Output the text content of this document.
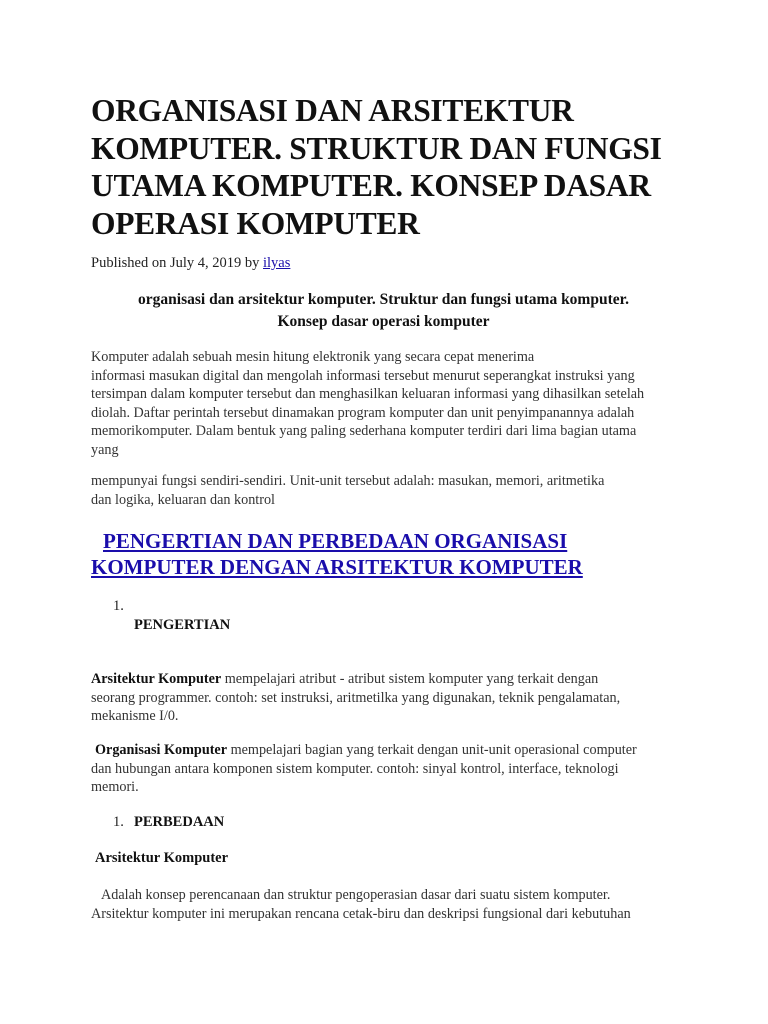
ORGANISASI DAN ARSITEKTUR KOMPUTER. STRUKTUR DAN FUNGSI UTAMA KOMPUTER. KONSEP DASAR OPERASI KOMPUTER
Published on July 4, 2019 by ilyas
organisasi dan arsitektur komputer. Struktur dan fungsi utama komputer.
Konsep dasar operasi komputer
Komputer adalah sebuah mesin hitung elektronik yang secara cepat menerima
informasi masukan digital dan mengolah informasi tersebut menurut seperangkat instruksi yang
tersimpan dalam komputer tersebut dan menghasilkan keluaran informasi yang dihasilkan setelah
diolah. Daftar perintah tersebut dinamakan program komputer dan unit penyimpanannya adalah
memorikomputer. Dalam bentuk yang paling sederhana komputer terdiri dari lima bagian utama
yang
mempunyai fungsi sendiri-sendiri. Unit-unit tersebut adalah: masukan, memori, aritmetika
dan logika, keluaran dan kontrol
PENGERTIAN DAN PERBEDAAN ORGANISASI
KOMPUTER DENGAN ARSITEKTUR KOMPUTER
1.
PENGERTIAN
Arsitektur Komputer mempelajari atribut - atribut sistem komputer yang terkait dengan
seorang programmer. contoh: set instruksi, aritmetilka yang digunakan, teknik pengalamatan,
mekanisme I/0.
Organisasi Komputer mempelajari bagian yang terkait dengan unit-unit operasional computer
dan hubungan antara komponen sistem komputer. contoh: sinyal kontrol, interface, teknologi
memori.
1. PERBEDAAN
Arsitektur Komputer
Adalah konsep perencanaan dan struktur pengoperasian dasar dari suatu sistem komputer.
Arsitektur komputer ini merupakan rencana cetak-biru dan deskripsi fungsional dari kebutuhan
